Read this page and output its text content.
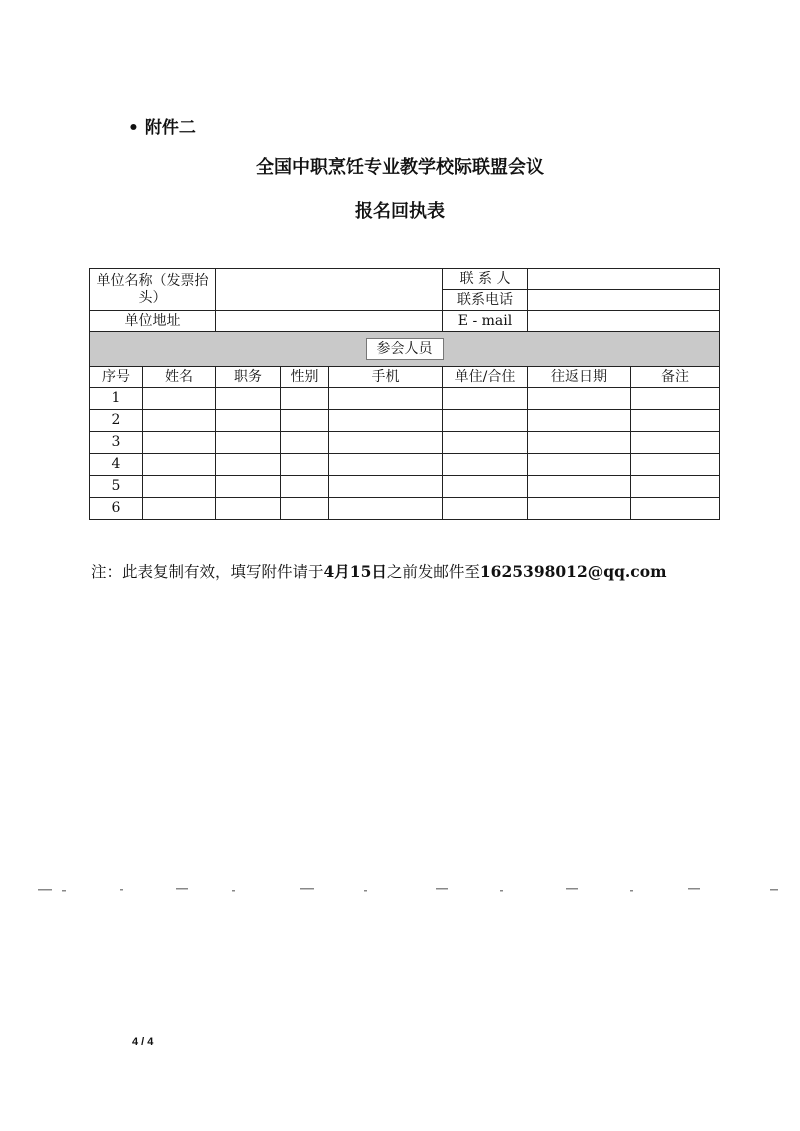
• 附件二
全国中职烹饪专业教学校际联盟会议
报名回执表
单位名称（发票抬头）					联 系 人		
					联系电话		
单位地址					E - mail		
参会人员							
序号	姓名	职务	性别	手机	单住/合住	往返日期	备注
1							
2							
3							
4							
5							
6							
注：此表复制有效，填写附件请于4月15日之前发邮件至1625398012@qq.com
4 / 4
